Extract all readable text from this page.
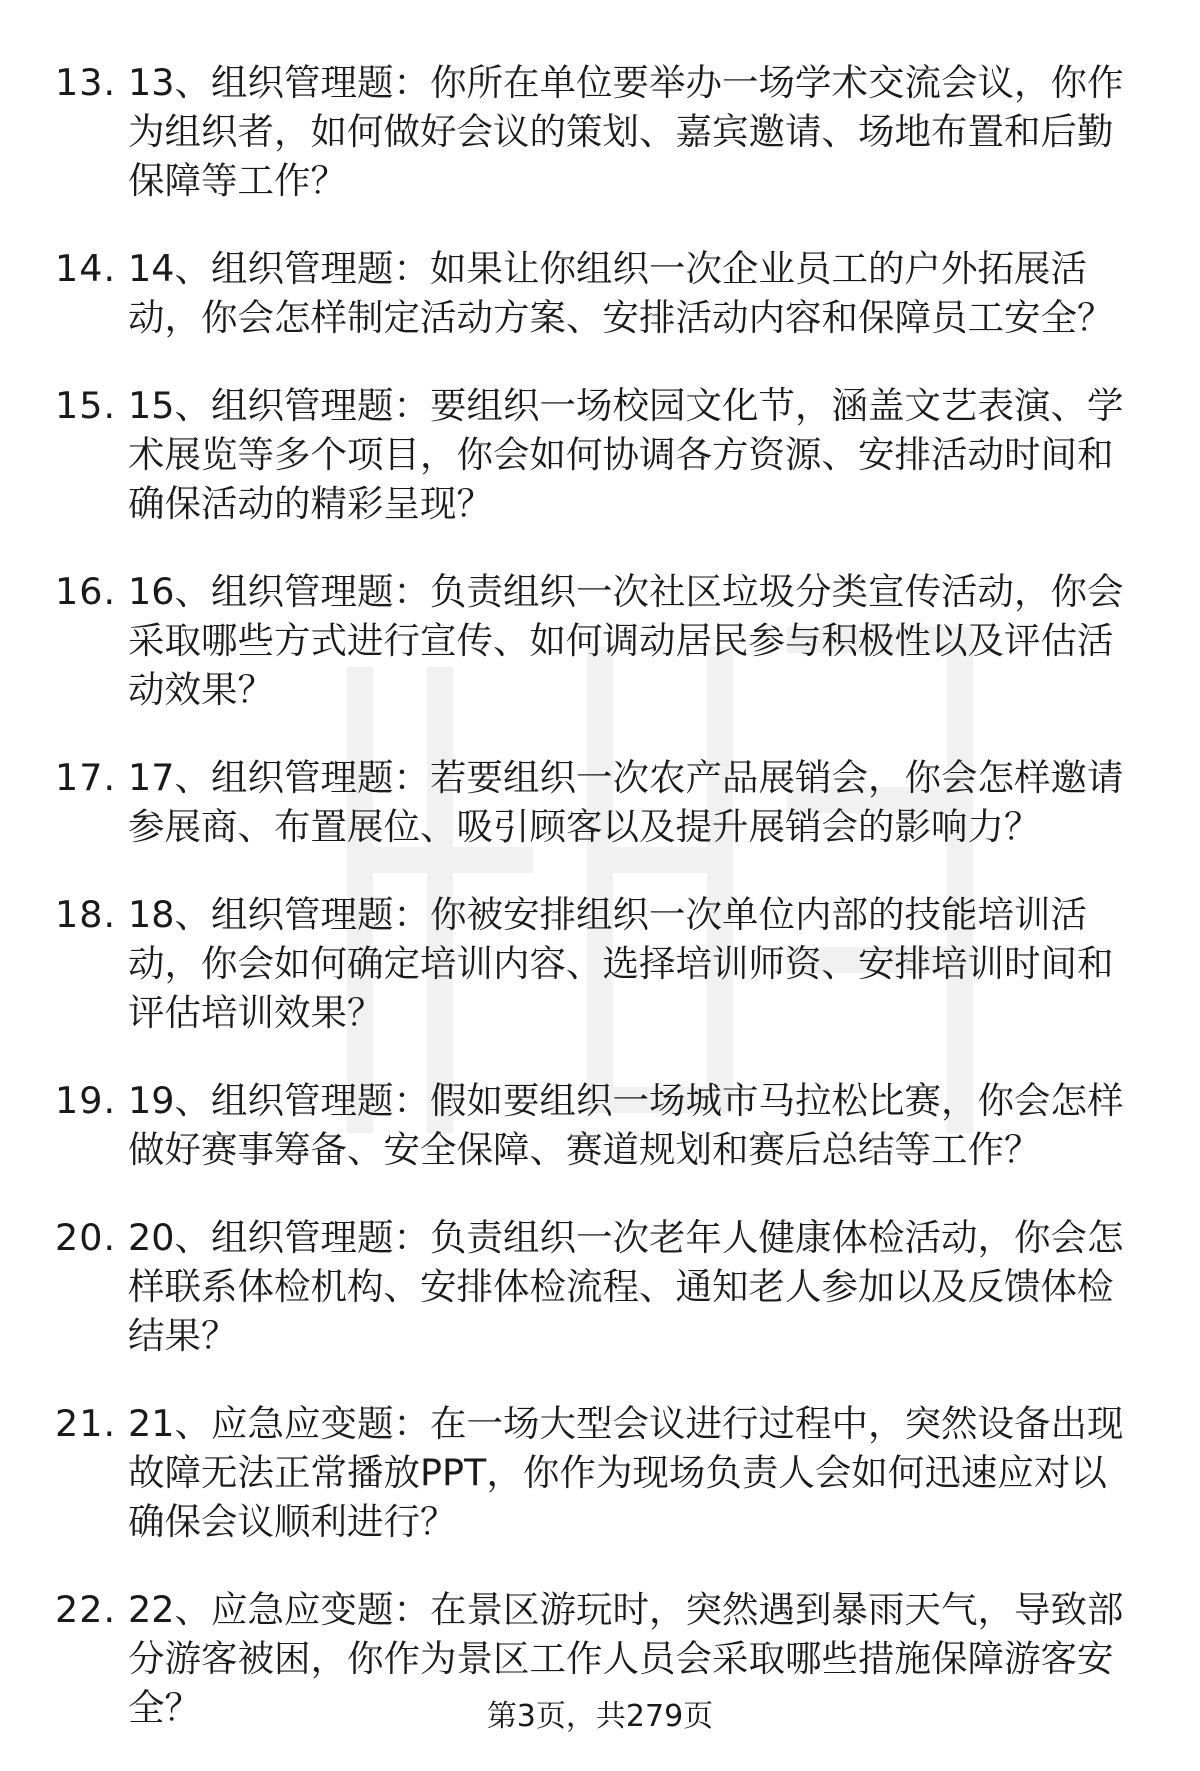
13. 13、组织管理题：你所在单位要举办一场学术交流会议，你作为组织者，如何做好会议的策划、嘉宾邀请、场地布置和后勤保障等工作？
14. 14、组织管理题：如果让你组织一次企业员工的户外拓展活动，你会怎样制定活动方案、安排活动内容和保障员工安全？
15. 15、组织管理题：要组织一场校园文化节，涵盖文艺表演、学术展览等多个项目，你会如何协调各方资源、安排活动时间和确保活动的精彩呈现？
16. 16、组织管理题：负责组织一次社区垃圾分类宣传活动，你会采取哪些方式进行宣传、如何调动居民参与积极性以及评估活动效果？
17. 17、组织管理题：若要组织一次农产品展销会，你会怎样邀请参展商、布置展位、吸引顾客以及提升展销会的影响力？
18. 18、组织管理题：你被安排组织一次单位内部的技能培训活动，你会如何确定培训内容、选择培训师资、安排培训时间和评估培训效果？
19. 19、组织管理题：假如要组织一场城市马拉松比赛，你会怎样做好赛事筹备、安全保障、赛道规划和赛后总结等工作？
20. 20、组织管理题：负责组织一次老年人健康体检活动，你会怎样联系体检机构、安排体检流程、通知老人参加以及反馈体检结果？
21. 21、应急应变题：在一场大型会议进行过程中，突然设备出现故障无法正常播放PPT，你作为现场负责人会如何迅速应对以确保会议顺利进行？
22. 22、应急应变题：在景区游玩时，突然遇到暴雨天气，导致部分游客被困，你作为景区工作人员会采取哪些措施保障游客安全？	第3页，共279页
